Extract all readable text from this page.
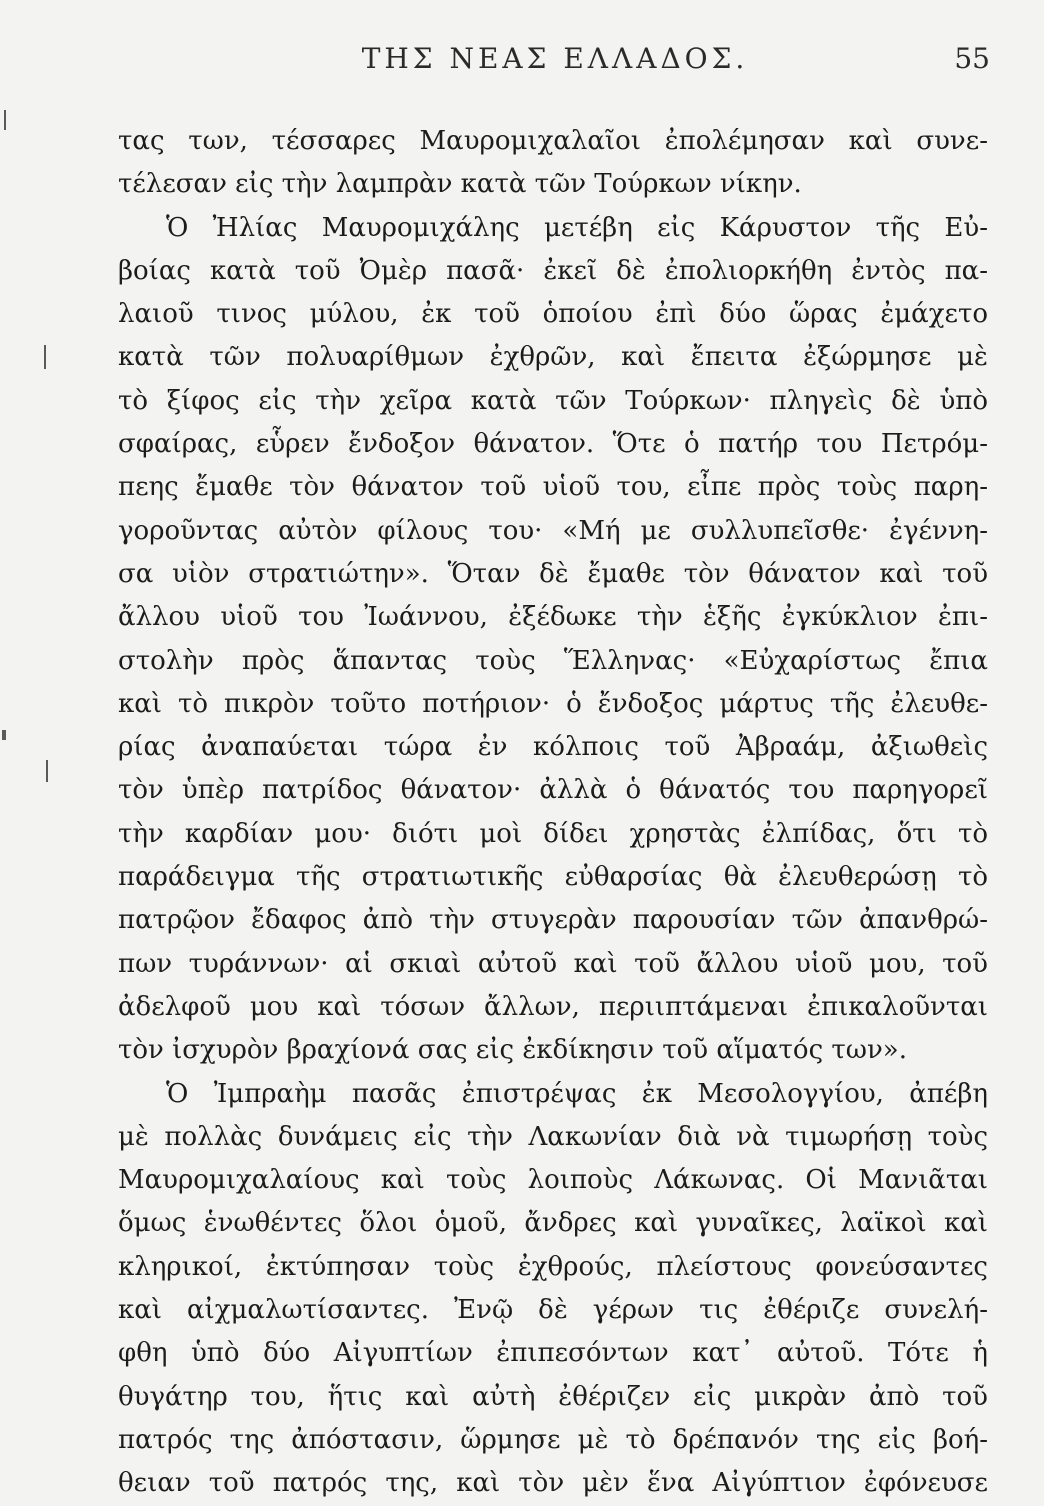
ΤΗΣ ΝΕΑΣ ΕΛΛΑΔΟΣ.	55
τας των, τέσσαρες Μαυρομιχαλαῖοι ἐπολέμησαν καὶ συνε-
τέλεσαν εἰς τὴν λαμπρὰν κατὰ τῶν Τούρκων νίκην.
Ὁ Ἠλίας Μαυρομιχάλης μετέβη εἰς Κάρυστον τῆς Εὐ-
βοίας κατὰ τοῦ Ὀμὲρ πασᾶ· ἐκεῖ δὲ ἐπολιορκήθη ἐντὸς πα-
λαιοῦ τινος μύλου, ἐκ τοῦ ὁποίου ἐπὶ δύο ὥρας ἐμάχετο
κατὰ τῶν πολυαρίθμων ἐχθρῶν, καὶ ἔπειτα ἐξώρμησε μὲ
τὸ ξίφος εἰς τὴν χεῖρα κατὰ τῶν Τούρκων· πληγεὶς δὲ ὑπὸ
σφαίρας, εὗρεν ἔνδοξον θάνατον. Ὅτε ὁ πατήρ του Πετρόμ-
πεης ἔμαθε τὸν θάνατον τοῦ υἱοῦ του, εἶπε πρὸς τοὺς παρη-
γοροῦντας αὐτὸν φίλους του· «Μή με συλλυπεῖσθε· ἐγέννη-
σα υἱὸν στρατιώτην». Ὅταν δὲ ἔμαθε τὸν θάνατον καὶ τοῦ
ἄλλου υἱοῦ του Ἰωάννου, ἐξέδωκε τὴν ἑξῆς ἐγκύκλιον ἐπι-
στολὴν πρὸς ἅπαντας τοὺς Ἕλληνας· «Εὐχαρίστως ἔπια
καὶ τὸ πικρὸν τοῦτο ποτήριον· ὁ ἔνδοξος μάρτυς τῆς ἐλευθε-
ρίας ἀναπαύεται τώρα ἐν κόλποις τοῦ Ἀβραάμ, ἀξιωθεὶς
τὸν ὑπὲρ πατρίδος θάνατον· ἀλλὰ ὁ θάνατός του παρηγορεῖ
τὴν καρδίαν μου· διότι μοὶ δίδει χρηστὰς ἐλπίδας, ὅτι τὸ
παράδειγμα τῆς στρατιωτικῆς εὐθαρσίας θὰ ἐλευθερώσῃ τὸ
πατρῷον ἔδαφος ἀπὸ τὴν στυγερὰν παρουσίαν τῶν ἀπανθρώ-
πων τυράννων· αἱ σκιαὶ αὐτοῦ καὶ τοῦ ἄλλου υἱοῦ μου, τοῦ
ἀδελφοῦ μου καὶ τόσων ἄλλων, περιιπτάμεναι ἐπικαλοῦνται
τὸν ἰσχυρὸν βραχίονά σας εἰς ἐκδίκησιν τοῦ αἵματός των».
Ὁ Ἰμπραὴμ πασᾶς ἐπιστρέψας ἐκ Μεσολογγίου, ἀπέβη
μὲ πολλὰς δυνάμεις εἰς τὴν Λακωνίαν διὰ νὰ τιμωρήσῃ τοὺς
Μαυρομιχαλαίους καὶ τοὺς λοιποὺς Λάκωνας. Οἱ Μανιᾶται
ὅμως ἑνωθέντες ὅλοι ὁμοῦ, ἄνδρες καὶ γυναῖκες, λαϊκοὶ καὶ
κληρικοί, ἐκτύπησαν τοὺς ἐχθρούς, πλείστους φονεύσαντες
καὶ αἰχμαλωτίσαντες. Ἐνῷ δὲ γέρων τις ἐθέριζε συνελή-
φθη ὑπὸ δύο Αἰγυπτίων ἐπιπεσόντων κατ᾽ αὐτοῦ. Τότε ἡ
θυγάτηρ του, ἥτις καὶ αὐτὴ ἐθέριζεν εἰς μικρὰν ἀπὸ τοῦ
πατρός της ἀπόστασιν, ὥρμησε μὲ τὸ δρέπανόν της εἰς βοή-
θειαν τοῦ πατρός της, καὶ τὸν μὲν ἕνα Αἰγύπτιον ἐφόνευσε
